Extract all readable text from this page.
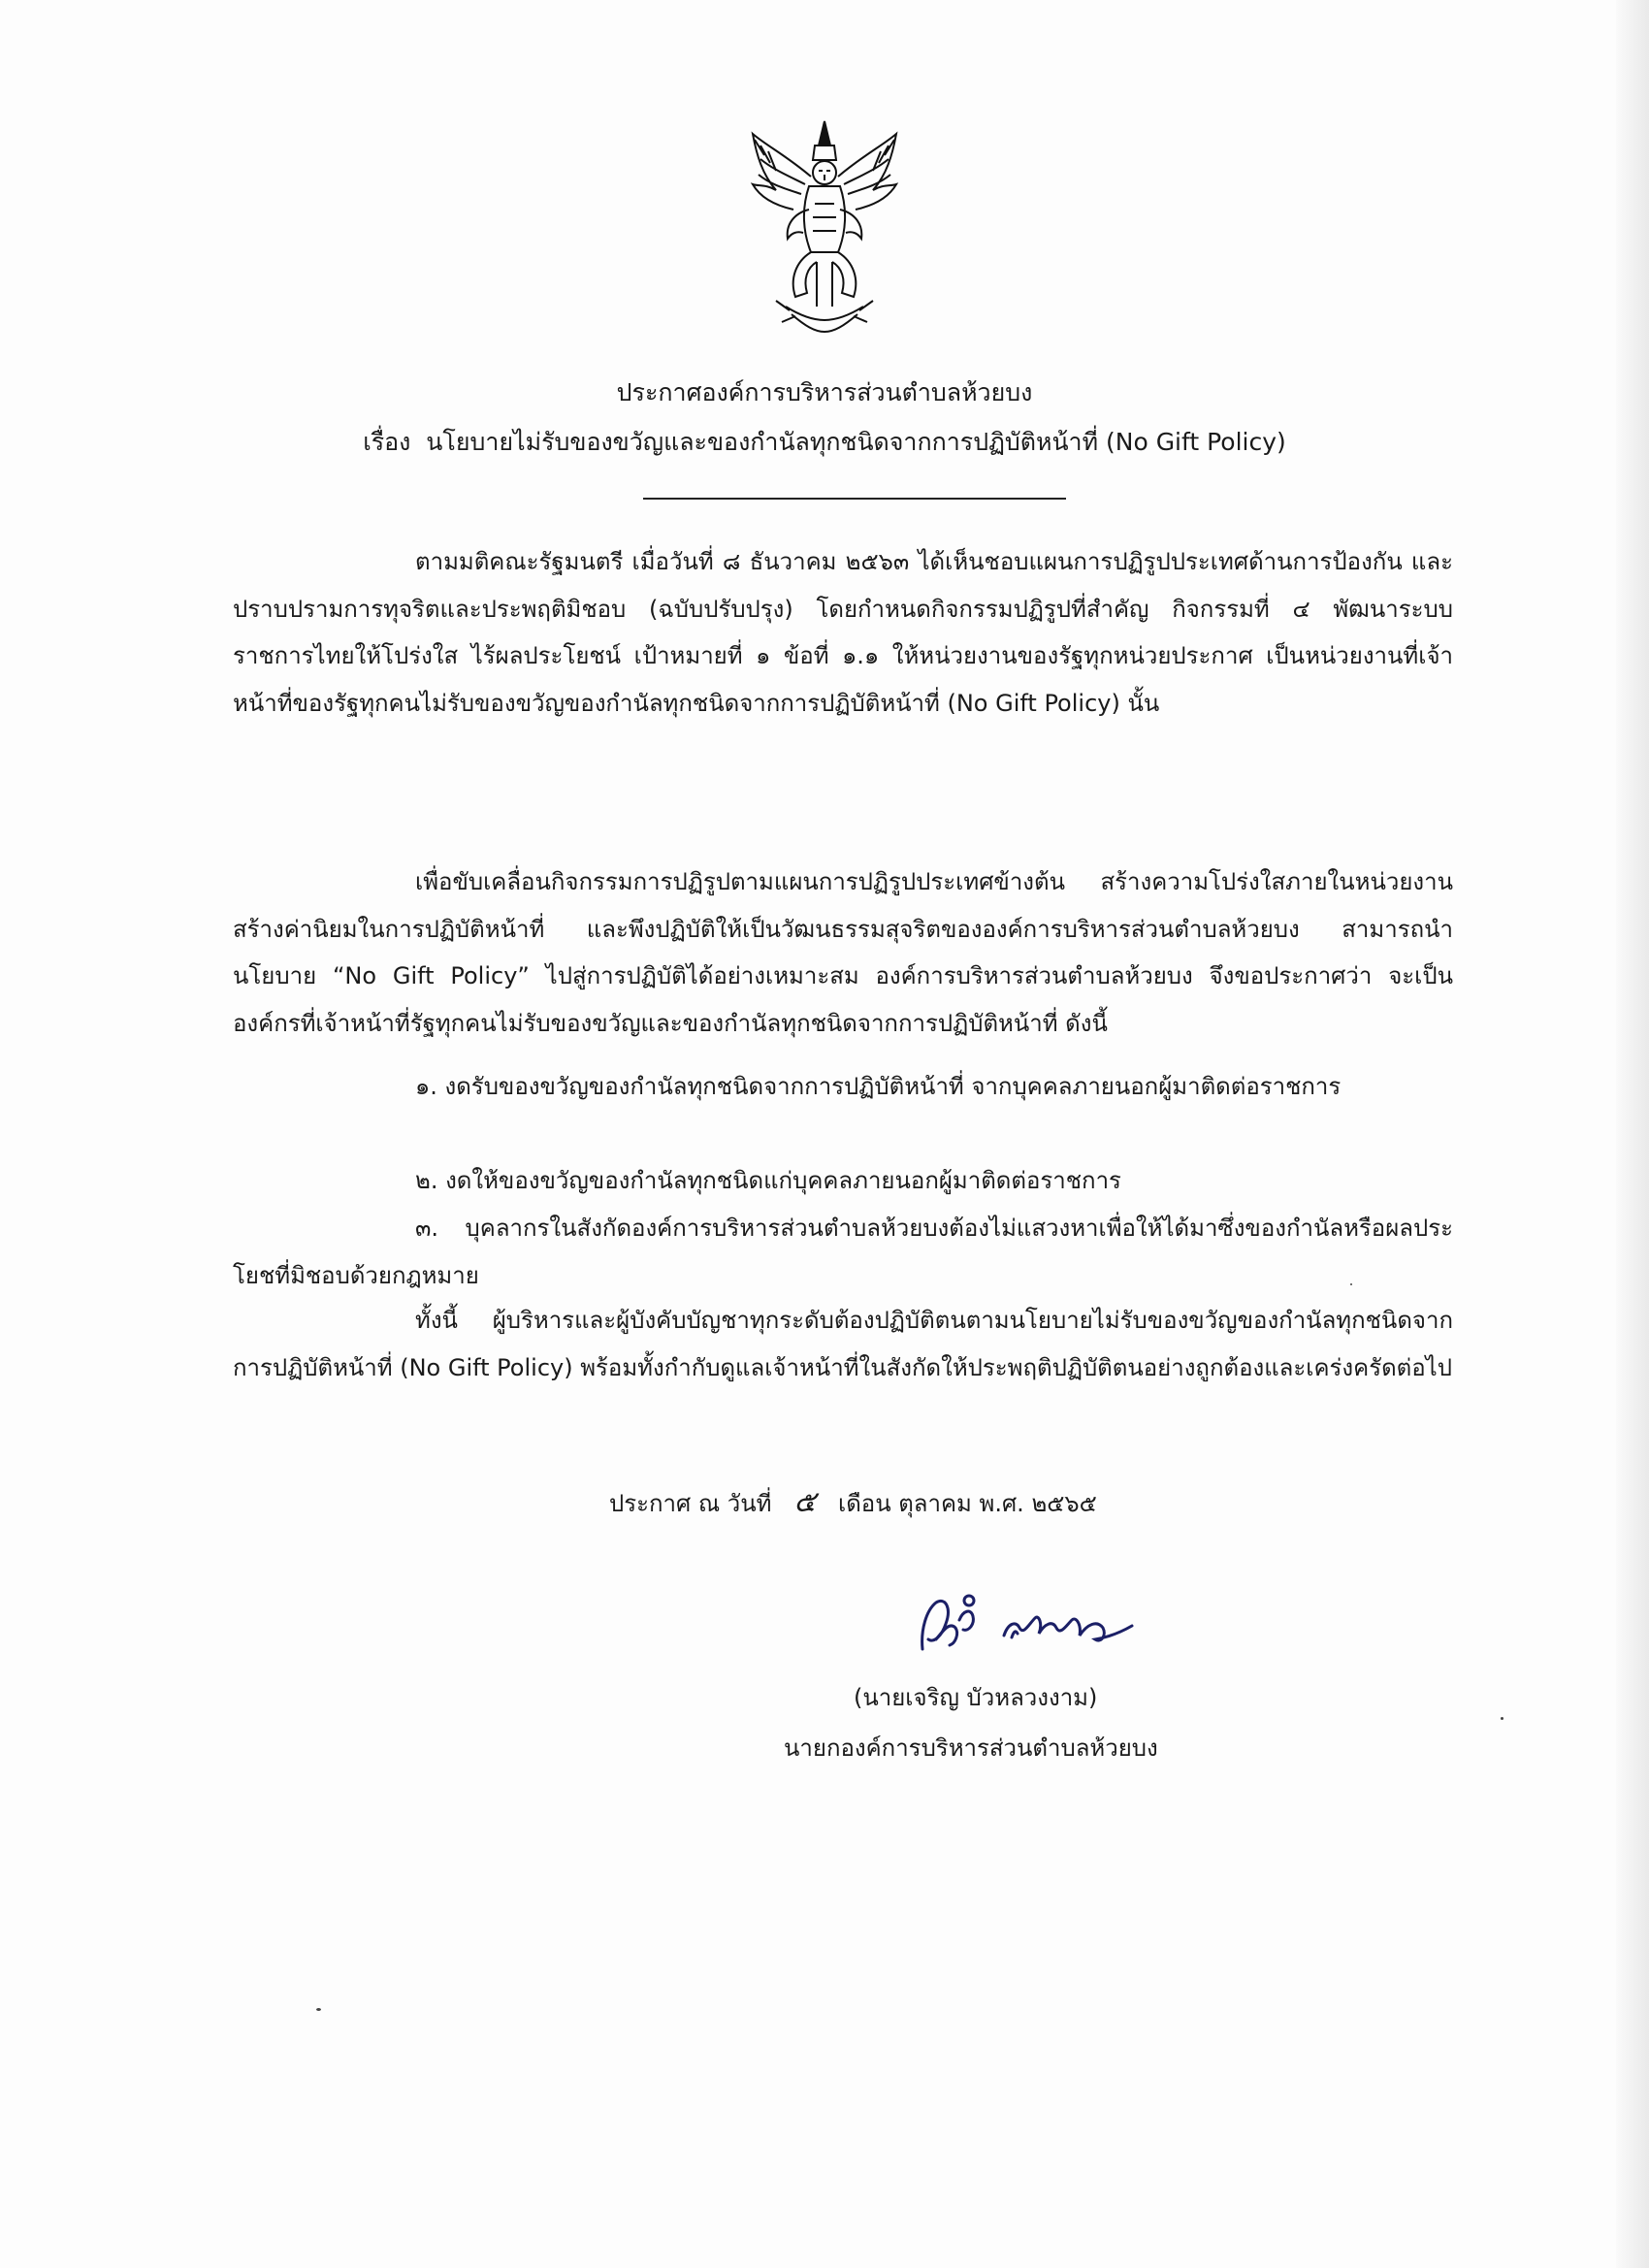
ประกาศองค์การบริหารส่วนตำบลห้วยบง
เรื่อง นโยบายไม่รับของขวัญและของกำนัลทุกชนิดจากการปฏิบัติหน้าที่ (No Gift Policy)
ตามมติคณะรัฐมนตรี เมื่อวันที่ ๘ ธันวาคม ๒๕๖๓ ได้เห็นชอบแผนการปฏิรูปประเทศด้านการป้องกัน และปราบปรามการทุจริตและประพฤติมิชอบ (ฉบับปรับปรุง) โดยกำหนดกิจกรรมปฏิรูปที่สำคัญ กิจกรรมที่ ๔ พัฒนาระบบราชการไทยให้โปร่งใส ไร้ผลประโยชน์ เป้าหมายที่ ๑ ข้อที่ ๑.๑ ให้หน่วยงานของรัฐทุกหน่วยประกาศ เป็นหน่วยงานที่เจ้าหน้าที่ของรัฐทุกคนไม่รับของขวัญของกำนัลทุกชนิดจากการปฏิบัติหน้าที่ (No Gift Policy) นั้น
เพื่อขับเคลื่อนกิจกรรมการปฏิรูปตามแผนการปฏิรูปประเทศข้างต้น สร้างความโปร่งใสภายในหน่วยงาน สร้างค่านิยมในการปฏิบัติหน้าที่ และพึงปฏิบัติให้เป็นวัฒนธรรมสุจริตขององค์การบริหารส่วนตำบลห้วยบง สามารถนำนโยบาย “No Gift Policy” ไปสู่การปฏิบัติได้อย่างเหมาะสม องค์การบริหารส่วนตำบลห้วยบง จึงขอประกาศว่า จะเป็นองค์กรที่เจ้าหน้าที่รัฐทุกคนไม่รับของขวัญและของกำนัลทุกชนิดจากการปฏิบัติหน้าที่ ดังนี้
๑. งดรับของขวัญของกำนัลทุกชนิดจากการปฏิบัติหน้าที่ จากบุคคลภายนอกผู้มาติดต่อราชการ
๒. งดให้ของขวัญของกำนัลทุกชนิดแก่บุคคลภายนอกผู้มาติดต่อราชการ
๓. บุคลากรในสังกัดองค์การบริหารส่วนตำบลห้วยบงต้องไม่แสวงหาเพื่อให้ได้มาซึ่งของกำนัลหรือผลประโยชที่มิชอบด้วยกฎหมาย
ทั้งนี้ ผู้บริหารและผู้บังคับบัญชาทุกระดับต้องปฏิบัติตนตามนโยบายไม่รับของขวัญของกำนัลทุกชนิดจากการปฏิบัติหน้าที่ (No Gift Policy) พร้อมทั้งกำกับดูแลเจ้าหน้าที่ในสังกัดให้ประพฤติปฏิบัติตนอย่างถูกต้องและเคร่งครัดต่อไป
ประกาศ ณ วันที่ ๕ เดือน ตุลาคม พ.ศ. ๒๕๖๕
(นายเจริญ บัวหลวงงาม)
นายกองค์การบริหารส่วนตำบลห้วยบง
